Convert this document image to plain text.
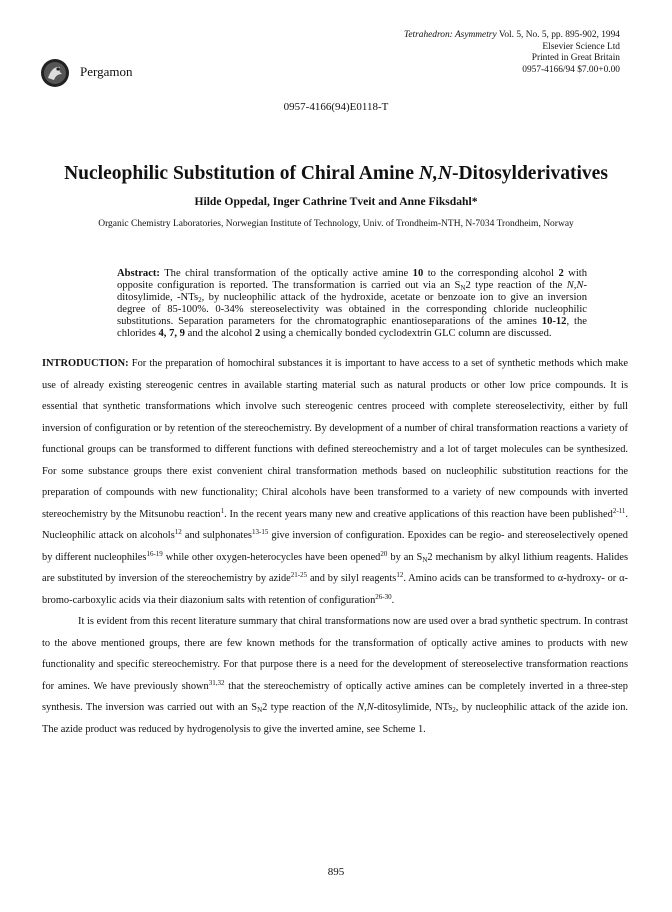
Pergamon
Tetrahedron: Asymmetry Vol. 5, No. 5, pp. 895-902, 1994
Elsevier Science Ltd
Printed in Great Britain
0957-4166/94 $7.00+0.00
0957-4166(94)E0118-T
Nucleophilic Substitution of Chiral Amine N,N-Ditosylderivatives
Hilde Oppedal, Inger Cathrine Tveit and Anne Fiksdahl*
Organic Chemistry Laboratories, Norwegian Institute of Technology, Univ. of Trondheim-NTH, N-7034 Trondheim, Norway
Abstract: The chiral transformation of the optically active amine 10 to the corresponding alcohol 2 with opposite configuration is reported. The transformation is carried out via an $S_N2$ type reaction of the N,N-ditosylimide, -NTs$_2$, by nucleophilic attack of the hydroxide, acetate or benzoate ion to give an inversion degree of 85-100%. 0-34% stereoselectivity was obtained in the corresponding chloride nucleophilic substitutions. Separation parameters for the chromatographic enantioseparations of the amines 10-12, the chlorides 4, 7, 9 and the alcohol 2 using a chemically bonded cyclodextrin GLC column are discussed.

INTRODUCTION: For the preparation of homochiral substances it is important to have access to a set of synthetic methods which make use of already existing stereogenic centres in available starting material such as natural products or other low price compounds. It is essential that synthetic transformations which involve such stereogenic centres proceed with complete stereoselectivity, either by full inversion of configuration or by retention of the stereochemistry. By development of a number of chiral transformation reactions a variety of functional groups can be transformed to different functions with defined stereochemistry and a lot of target molecules can be synthesized. For some substance groups there exist convenient chiral transformation methods based on nucleophilic substitution reactions for the preparation of compounds with new functionality; Chiral alcohols have been transformed to a variety of new compounds with inverted stereochemistry by the Mitsunobu reaction$^1$. In the recent years many new and creative applications of this reaction have been published$^{2-11}$. Nucleophilic attack on alcohols$^{12}$ and sulphonates$^{13-15}$ give inversion of configuration. Epoxides can be regio- and stereoselectively opened by different nucleophiles$^{16-19}$ while other oxygen-heterocycles have been opened$^{20}$ by an $S_N2$ mechanism by alkyl lithium reagents. Halides are substituted by inversion of the stereochemistry by azide$^{21-25}$ and by silyl reagents$^{12}$. Amino acids can be transformed to α-hydroxy- or α-bromo-carboxylic acids via their diazonium salts with retention of configuration$^{26-30}$.

It is evident from this recent literature summary that chiral transformations now are used over a brad synthetic spectrum. In contrast to the above mentioned groups, there are few known methods for the transformation of optically active amines to products with new functionality and specific stereochemistry. For that purpose there is a need for the development of stereoselective transformation reactions for amines. We have previously shown$^{31,32}$ that the stereochemistry of optically active amines can be completely inverted in a three-step synthesis. The inversion was carried out with an $S_N2$ type reaction of the N,N-ditosylimide, NTs$_2$, by nucleophilic attack of the azide ion. The azide product was reduced by hydrogenolysis to give the inverted amine, see Scheme 1.

895
